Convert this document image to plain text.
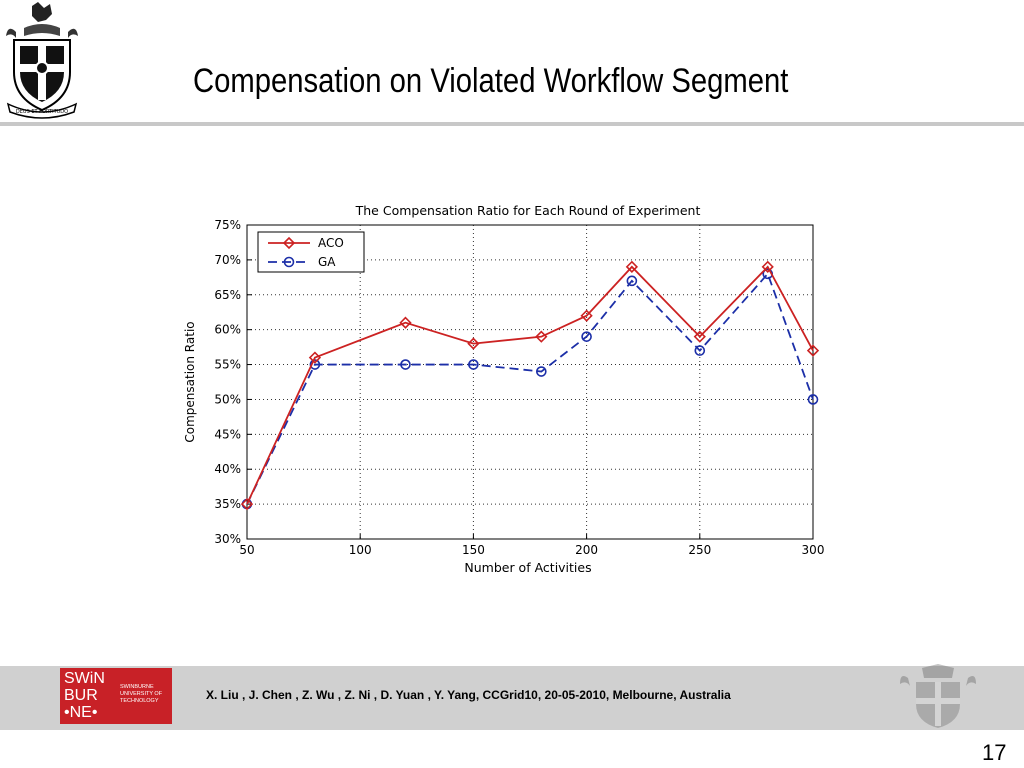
DEUS ET FORTITUDO
Compensation on Violated Workflow Segment
The Compensation Ratio for Each Round of Experiment
50	100	150	200	250	300
30%
35%
40%
45%
50%
55%
60%
65%
70%
75%
Number of Activities
Compensation Ratio
ACO
GA
SWiN
BUR
•NE•
SWINBURNE
UNIVERSITY OF
TECHNOLOGY	X. Liu , J. Chen , Z. Wu , Z. Ni , D. Yuan , Y. Yang, CCGrid10, 20-05-2010, Melbourne, Australia
17
